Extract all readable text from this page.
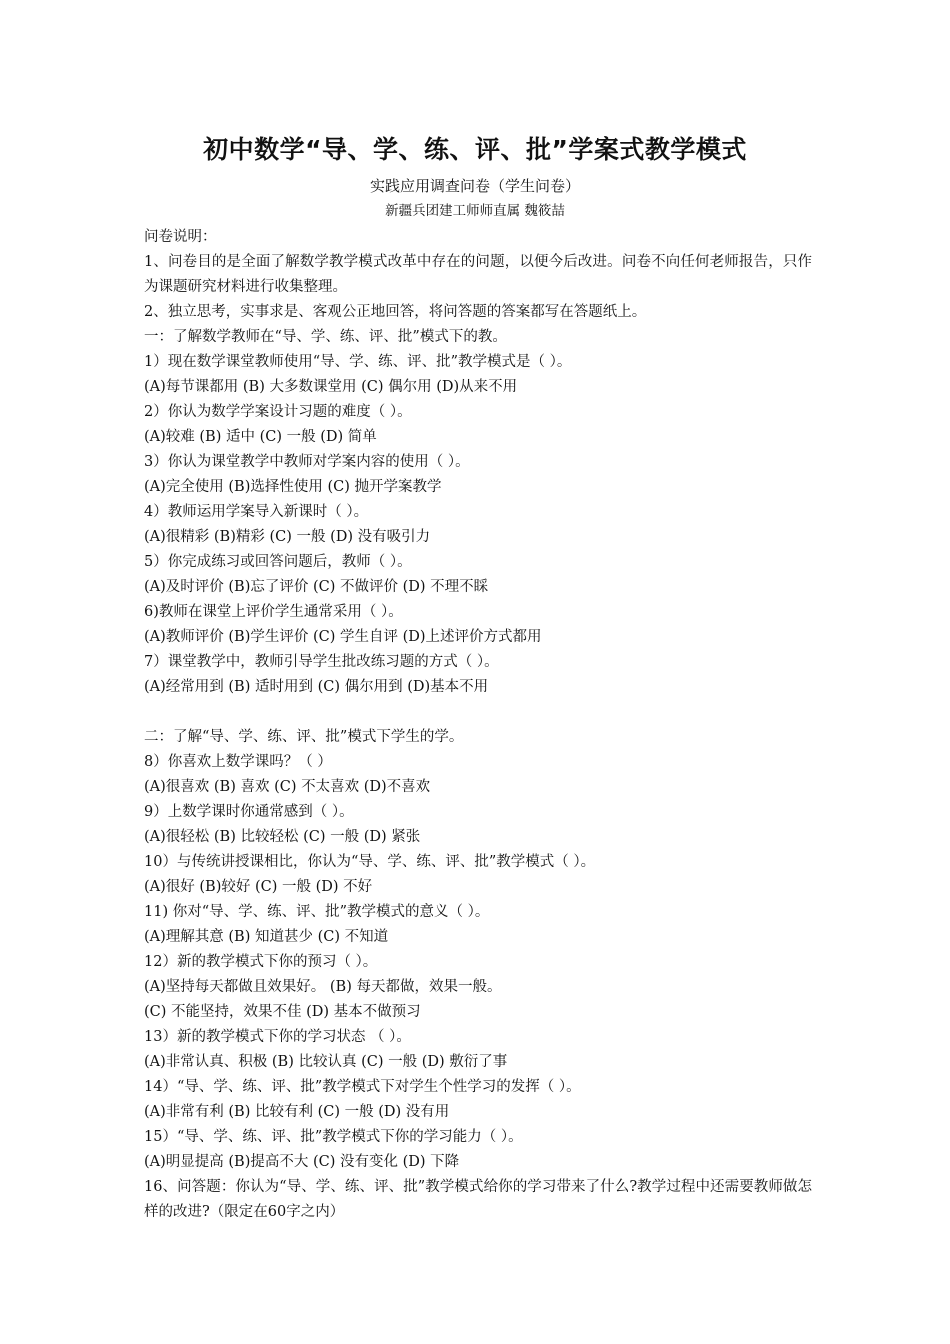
初中数学“导、学、练、评、批”学案式教学模式
实践应用调查问卷（学生问卷）
新疆兵团建工师师直属 魏筱喆
问卷说明：
1、问卷目的是全面了解数学教学模式改革中存在的问题，以便今后改进。问卷不向任何老师报告，只作为课题研究材料进行收集整理。
2、独立思考，实事求是、客观公正地回答，将问答题的答案都写在答题纸上。
一：了解数学教师在“导、学、练、评、批”模式下的教。
1）现在数学课堂教师使用“导、学、练、评、批”教学模式是（ ）。
(A)每节课都用 (B) 大多数课堂用 (C) 偶尔用 (D)从来不用
2）你认为数学学案设计习题的难度（ ）。
(A)较难 (B) 适中 (C) 一般 (D) 简单
3）你认为课堂教学中教师对学案内容的使用（ ）。
(A)完全使用 (B)选择性使用 (C) 抛开学案教学
4）教师运用学案导入新课时（ ）。
(A)很精彩 (B)精彩 (C) 一般 (D) 没有吸引力
5）你完成练习或回答问题后，教师（ ）。
(A)及时评价 (B)忘了评价 (C) 不做评价 (D) 不理不睬
6)教师在课堂上评价学生通常采用（ ）。
(A)教师评价 (B)学生评价 (C) 学生自评 (D)上述评价方式都用
7）课堂教学中，教师引导学生批改练习题的方式（ ）。
(A)经常用到 (B) 适时用到 (C) 偶尔用到 (D)基本不用
二：了解“导、学、练、评、批”模式下学生的学。
8）你喜欢上数学课吗？（ ）
(A)很喜欢 (B) 喜欢 (C) 不太喜欢 (D)不喜欢
9）上数学课时你通常感到（ ）。
(A)很轻松 (B) 比较轻松 (C) 一般 (D) 紧张
10）与传统讲授课相比，你认为“导、学、练、评、批”教学模式（ ）。
(A)很好 (B)较好 (C) 一般 (D) 不好
11) 你对“导、学、练、评、批”教学模式的意义（ ）。
(A)理解其意 (B) 知道甚少 (C) 不知道
12）新的教学模式下你的预习（ ）。
(A)坚持每天都做且效果好。 (B) 每天都做，效果一般。
(C) 不能坚持，效果不佳 (D) 基本不做预习
13）新的教学模式下你的学习状态 （ ）。
(A)非常认真、积极 (B) 比较认真 (C) 一般 (D) 敷衍了事
14）“导、学、练、评、批”教学模式下对学生个性学习的发挥（ ）。
(A)非常有利 (B) 比较有利 (C) 一般 (D) 没有用
15）“导、学、练、评、批”教学模式下你的学习能力（ ）。
(A)明显提高 (B)提高不大 (C) 没有变化 (D) 下降
16、问答题：你认为“导、学、练、评、批”教学模式给你的学习带来了什么?教学过程中还需要教师做怎样的改进?（限定在60字之内）
